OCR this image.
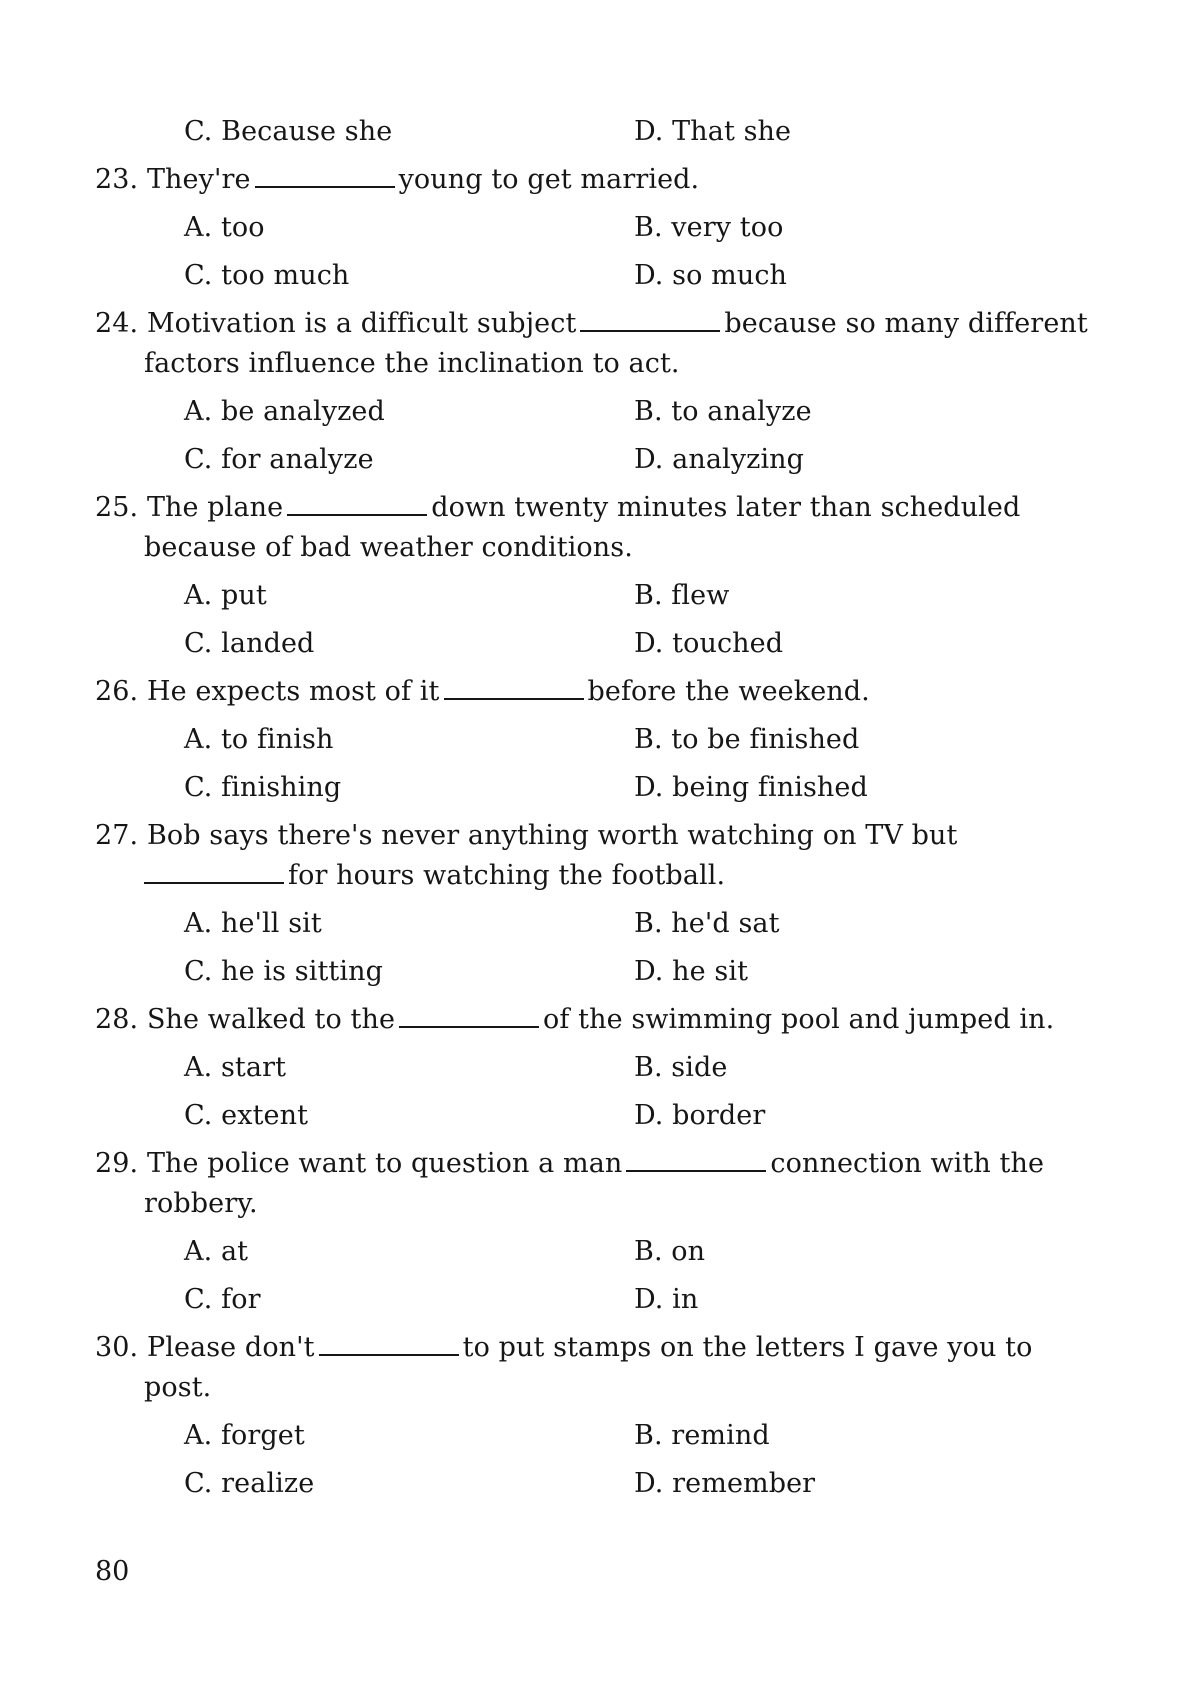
C. Because she	D. That she
23. They're	young to get married.
A. too	B. very too
C. too much	D. so much
24. Motivation is a difficult subject	because so many different
factors influence the inclination to act.
A. be analyzed	B. to analyze
C. for analyze	D. analyzing
25. The plane	down twenty minutes later than scheduled
because of bad weather conditions.
A. put	B. flew
C. landed	D. touched
26. He expects most of it	before the weekend.
A. to finish	B. to be finished
C. finishing	D. being finished
27. Bob says there's never anything worth watching on TV but
for hours watching the football.
A. he'll sit	B. he'd sat
C. he is sitting	D. he sit
28. She walked to the	of the swimming pool and jumped in.
A. start	B. side
C. extent	D. border
29. The police want to question a man	connection with the
robbery.
A. at	B. on
C. for	D. in
30. Please don't	to put stamps on the letters I gave you to
post.
A. forget	B. remind
C. realize	D. remember
80
